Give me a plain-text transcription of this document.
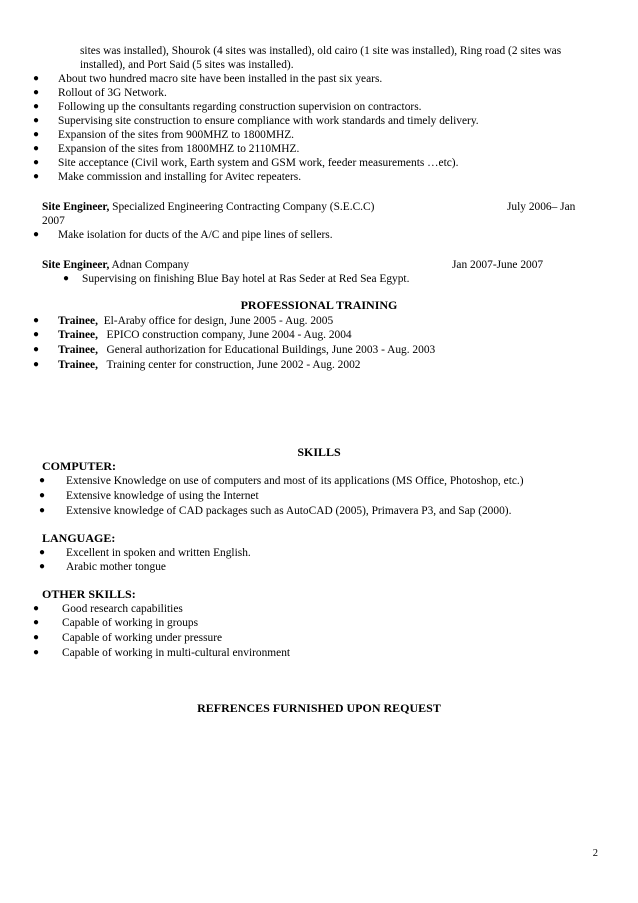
sites was installed), Shourok (4 sites was installed), old cairo (1 site was installed), Ring road (2 sites was
installed), and Port Said (5 sites was installed).
● About two hundred macro site have been installed in the past six years.
● Rollout of 3G Network.
● Following up the consultants regarding construction supervision on contractors.
● Supervising site construction to ensure compliance with work standards and timely delivery.
● Expansion of the sites from 900MHZ to 1800MHZ.
● Expansion of the sites from 1800MHZ to 2110MHZ.
● Site acceptance (Civil work, Earth system and GSM work, feeder measurements …etc).
● Make commission and installing for Avitec repeaters.
Site Engineer, Specialized Engineering Contracting Company (S.E.C.C)	July 2006– Jan
2007
● Make isolation for ducts of the A/C and pipe lines of sellers.
Site Engineer, Adnan Company	Jan 2007-June 2007
● Supervising on finishing Blue Bay hotel at Ras Seder at Red Sea Egypt.
PROFESSIONAL TRAINING
● Trainee, El-Araby office for design, June 2005 - Aug. 2005
● Trainee, EPICO construction company, June 2004 - Aug. 2004
● Trainee, General authorization for Educational Buildings, June 2003 - Aug. 2003
● Trainee, Training center for construction, June 2002 - Aug. 2002
SKILLS
COMPUTER:
● Extensive Knowledge on use of computers and most of its applications (MS Office, Photoshop, etc.)
● Extensive knowledge of using the Internet
● Extensive knowledge of CAD packages such as AutoCAD (2005), Primavera P3, and Sap (2000).
LANGUAGE:
● Excellent in spoken and written English.
● Arabic mother tongue
OTHER SKILLS:
● Good research capabilities
● Capable of working in groups
● Capable of working under pressure
● Capable of working in multi-cultural environment
REFRENCES FURNISHED UPON REQUEST
2
